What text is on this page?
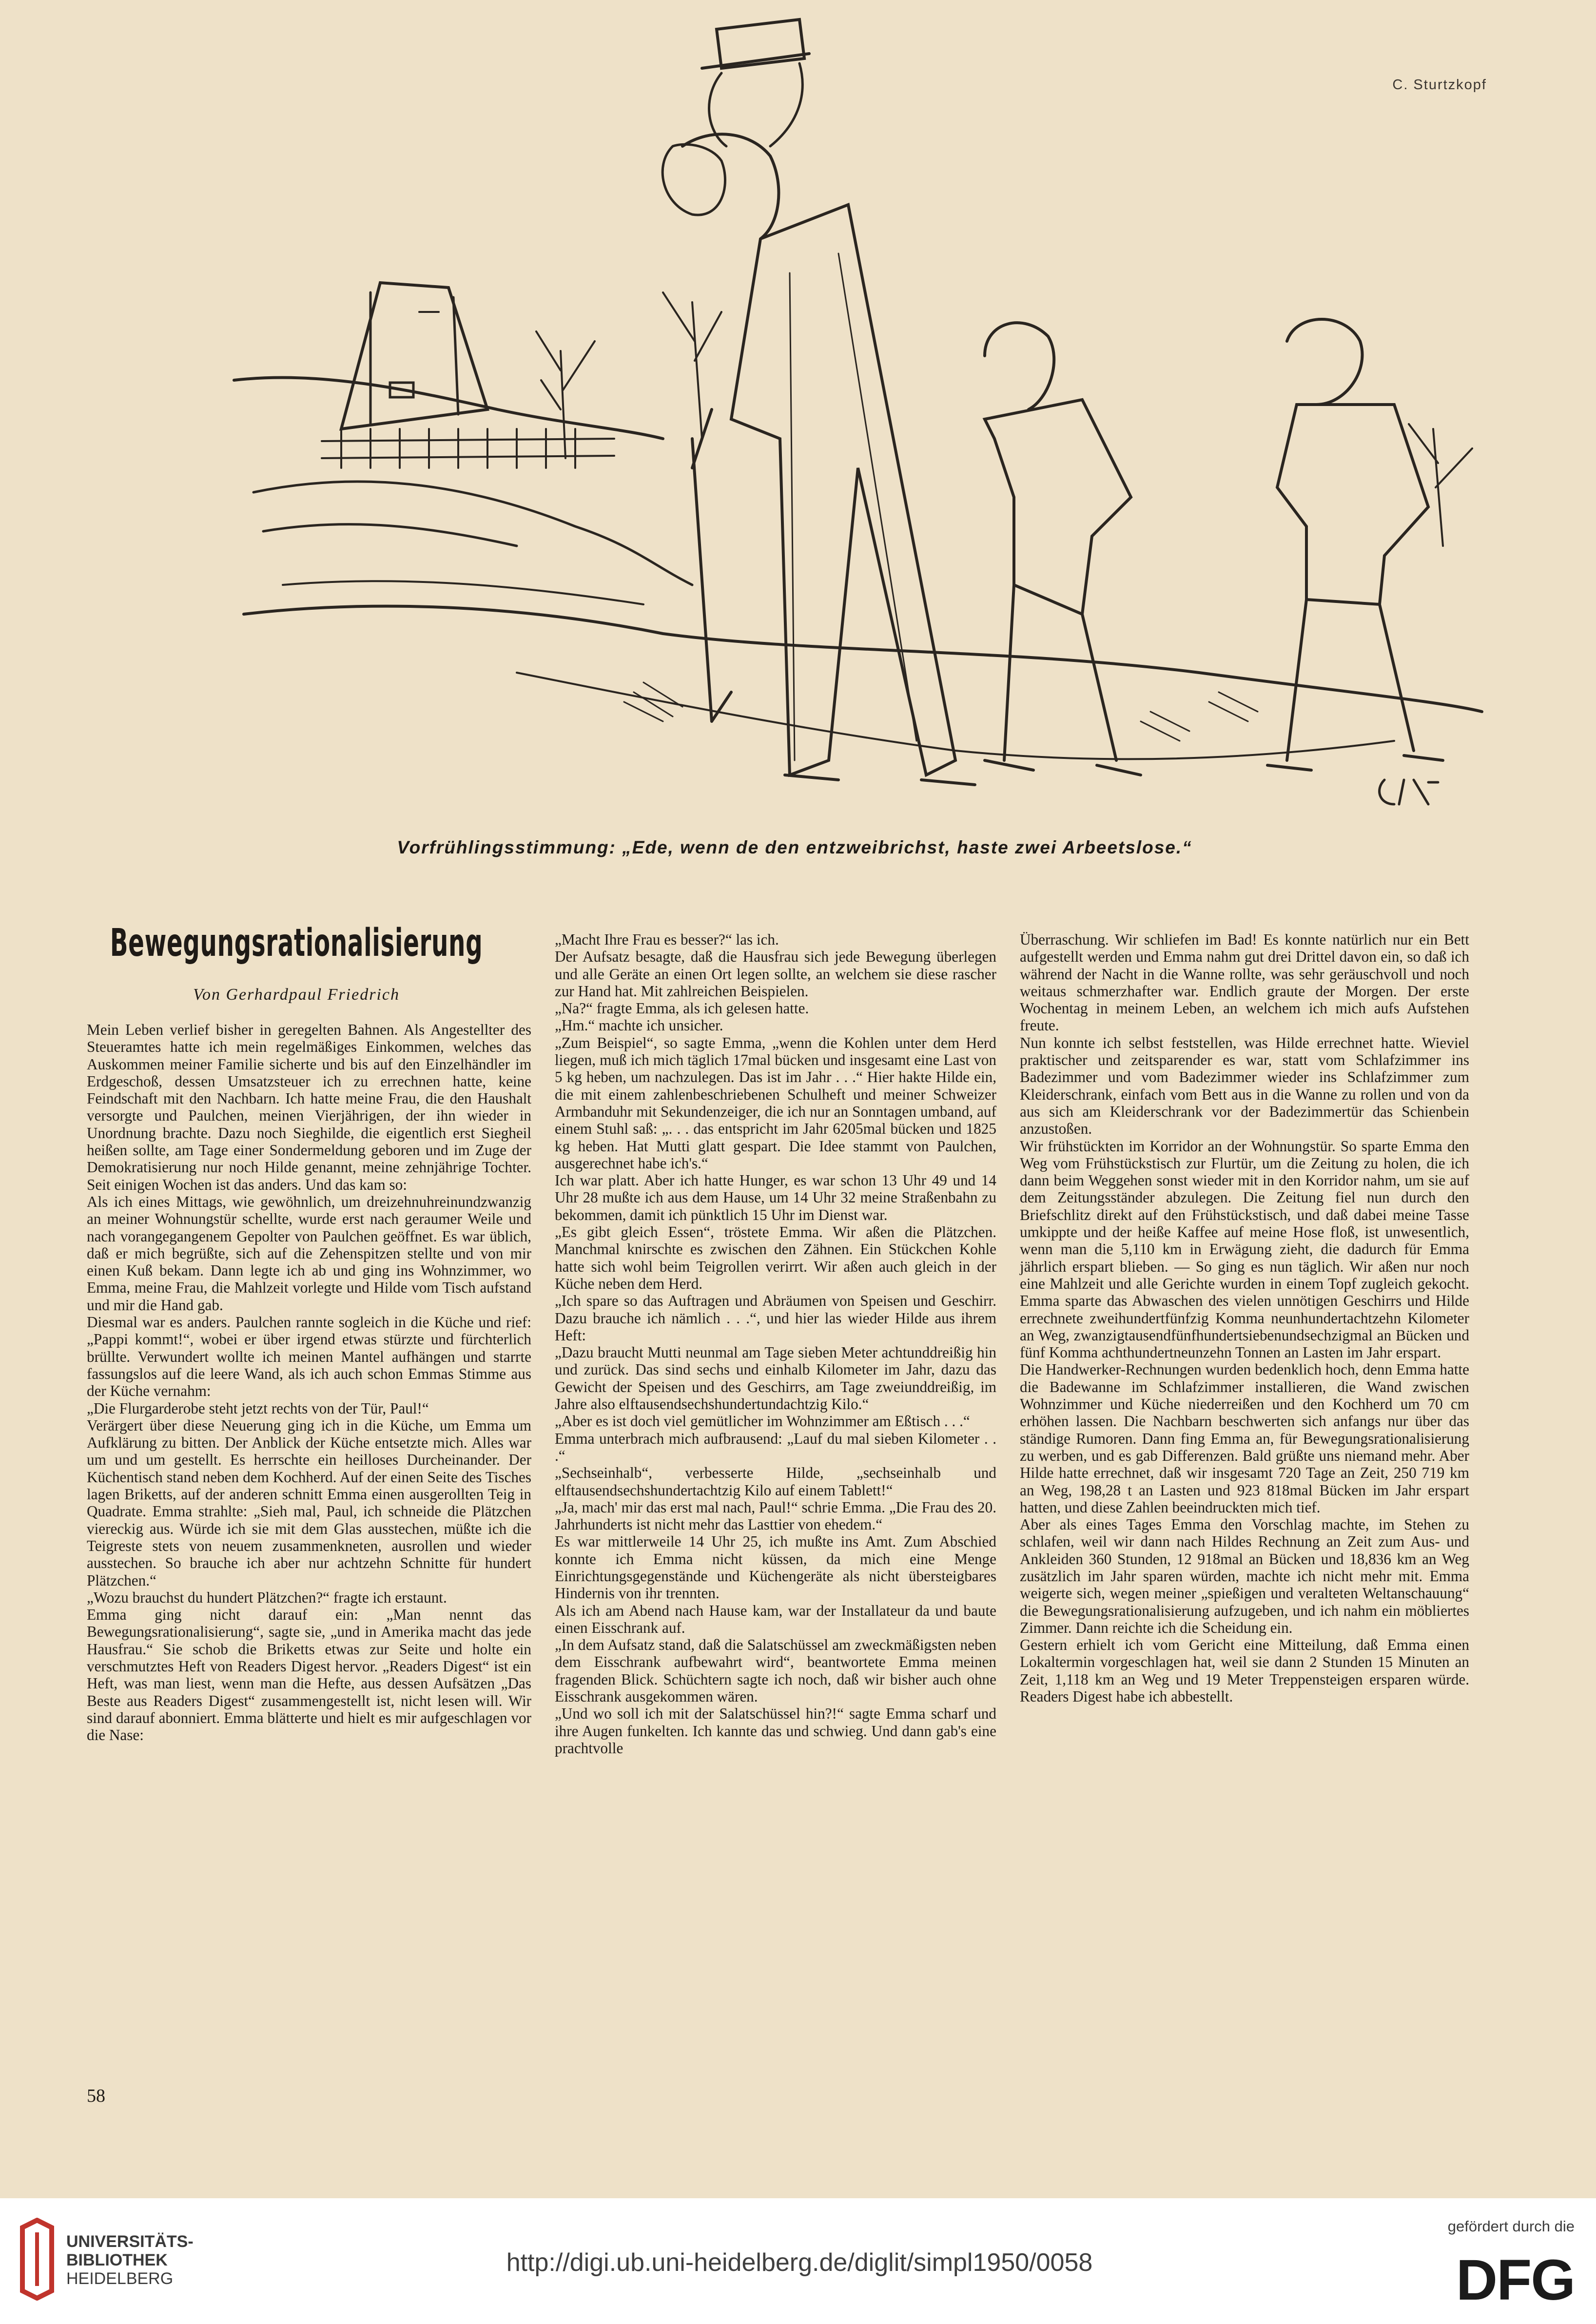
C. Sturtzkopf
Vorfrühlingsstimmung: „Ede, wenn de den entzweibrichst, haste zwei Arbeetslose.“
Bewegungsrationalisierung
Von Gerhardpaul Friedrich

Mein Leben verlief bisher in geregelten Bahnen. Als Angestellter des Steueramtes hatte ich mein regelmäßiges Einkommen, welches das Auskommen meiner Familie sicherte und bis auf den Einzelhändler im Erdgeschoß, dessen Umsatzsteuer ich zu errechnen hatte, keine Feindschaft mit den Nachbarn. Ich hatte meine Frau, die den Haushalt versorgte und Paulchen, meinen Vierjährigen, der ihn wieder in Unordnung brachte. Dazu noch Sieghilde, die eigentlich erst Siegheil heißen sollte, am Tage einer Sondermeldung geboren und im Zuge der Demokratisierung nur noch Hilde genannt, meine zehnjährige Tochter. Seit einigen Wochen ist das anders. Und das kam so:

Als ich eines Mittags, wie gewöhnlich, um dreizehnuhreinundzwanzig an meiner Wohnungstür schellte, wurde erst nach geraumer Weile und nach vorangegangenem Gepolter von Paulchen geöffnet. Es war üblich, daß er mich begrüßte, sich auf die Zehenspitzen stellte und von mir einen Kuß bekam. Dann legte ich ab und ging ins Wohnzimmer, wo Emma, meine Frau, die Mahlzeit vorlegte und Hilde vom Tisch aufstand und mir die Hand gab.

Diesmal war es anders. Paulchen rannte sogleich in die Küche und rief: „Pappi kommt!“, wobei er über irgend etwas stürzte und fürchterlich brüllte. Verwundert wollte ich meinen Mantel aufhängen und starrte fassungslos auf die leere Wand, als ich auch schon Emmas Stimme aus der Küche vernahm:

„Die Flurgarderobe steht jetzt rechts von der Tür, Paul!“

Verärgert über diese Neuerung ging ich in die Küche, um Emma um Aufklärung zu bitten. Der Anblick der Küche entsetzte mich. Alles war um und um gestellt. Es herrschte ein heilloses Durcheinander. Der Küchentisch stand neben dem Kochherd. Auf der einen Seite des Tisches lagen Briketts, auf der anderen schnitt Emma einen ausgerollten Teig in Quadrate. Emma strahlte: „Sieh mal, Paul, ich schneide die Plätzchen viereckig aus. Würde ich sie mit dem Glas ausstechen, müßte ich die Teigreste stets von neuem zusammenkneten, ausrollen und wieder ausstechen. So brauche ich aber nur achtzehn Schnitte für hundert Plätzchen.“

„Wozu brauchst du hundert Plätzchen?“ fragte ich erstaunt.

Emma ging nicht darauf ein: „Man nennt das Bewegungsrationalisierung“, sagte sie, „und in Amerika macht das jede Hausfrau.“ Sie schob die Briketts etwas zur Seite und holte ein verschmutztes Heft von Readers Digest hervor. „Readers Digest“ ist ein Heft, was man liest, wenn man die Hefte, aus dessen Aufsätzen „Das Beste aus Readers Digest“ zusammengestellt ist, nicht lesen will. Wir sind darauf abonniert. Emma blätterte und hielt es mir aufgeschlagen vor die Nase:

„Macht Ihre Frau es besser?“ las ich.

Der Aufsatz besagte, daß die Hausfrau sich jede Bewegung überlegen und alle Geräte an einen Ort legen sollte, an welchem sie diese rascher zur Hand hat. Mit zahlreichen Beispielen.

„Na?“ fragte Emma, als ich gelesen hatte.

„Hm.“ machte ich unsicher.

„Zum Beispiel“, so sagte Emma, „wenn die Kohlen unter dem Herd liegen, muß ich mich täglich 17mal bücken und insgesamt eine Last von 5 kg heben, um nachzulegen. Das ist im Jahr . . .“ Hier hakte Hilde ein, die mit einem zahlenbeschriebenen Schulheft und meiner Schweizer Armbanduhr mit Sekundenzeiger, die ich nur an Sonntagen umband, auf einem Stuhl saß: „. . . das entspricht im Jahr 6205mal bücken und 1825 kg heben. Hat Mutti glatt gespart. Die Idee stammt von Paulchen, ausgerechnet habe ich's.“

Ich war platt. Aber ich hatte Hunger, es war schon 13 Uhr 49 und 14 Uhr 28 mußte ich aus dem Hause, um 14 Uhr 32 meine Straßenbahn zu bekommen, damit ich pünktlich 15 Uhr im Dienst war.

„Es gibt gleich Essen“, tröstete Emma. Wir aßen die Plätzchen. Manchmal knirschte es zwischen den Zähnen. Ein Stückchen Kohle hatte sich wohl beim Teigrollen verirrt. Wir aßen auch gleich in der Küche neben dem Herd.

„Ich spare so das Auftragen und Abräumen von Speisen und Geschirr. Dazu brauche ich nämlich . . .“, und hier las wieder Hilde aus ihrem Heft:

„Dazu braucht Mutti neunmal am Tage sieben Meter achtunddreißig hin und zurück. Das sind sechs und einhalb Kilometer im Jahr, dazu das Gewicht der Speisen und des Geschirrs, am Tage zweiunddreißig, im Jahre also elftausendsechshundertundachtzig Kilo.“

„Aber es ist doch viel gemütlicher im Wohnzimmer am Eßtisch . . .“

Emma unterbrach mich aufbrausend: „Lauf du mal sieben Kilometer . . .“

„Sechseinhalb“, verbesserte Hilde, „sechseinhalb und elftausendsechshundertachtzig Kilo auf einem Tablett!“

„Ja, mach' mir das erst mal nach, Paul!“ schrie Emma. „Die Frau des 20. Jahrhunderts ist nicht mehr das Lasttier von ehedem.“

Es war mittlerweile 14 Uhr 25, ich mußte ins Amt. Zum Abschied konnte ich Emma nicht küssen, da mich eine Menge Einrichtungsgegenstände und Küchengeräte als nicht übersteigbares Hindernis von ihr trennten.

Als ich am Abend nach Hause kam, war der Installateur da und baute einen Eisschrank auf.

„In dem Aufsatz stand, daß die Salatschüssel am zweckmäßigsten neben dem Eisschrank aufbewahrt wird“, beantwortete Emma meinen fragenden Blick. Schüchtern sagte ich noch, daß wir bisher auch ohne Eisschrank ausgekommen wären.

„Und wo soll ich mit der Salatschüssel hin?!“ sagte Emma scharf und ihre Augen funkelten. Ich kannte das und schwieg. Und dann gab's eine prachtvolle

Überraschung. Wir schliefen im Bad! Es konnte natürlich nur ein Bett aufgestellt werden und Emma nahm gut drei Drittel davon ein, so daß ich während der Nacht in die Wanne rollte, was sehr geräuschvoll und noch weitaus schmerzhafter war. Endlich graute der Morgen. Der erste Wochentag in meinem Leben, an welchem ich mich aufs Aufstehen freute.

Nun konnte ich selbst feststellen, was Hilde errechnet hatte. Wieviel praktischer und zeitsparender es war, statt vom Schlafzimmer ins Badezimmer und vom Badezimmer wieder ins Schlafzimmer zum Kleiderschrank, einfach vom Bett aus in die Wanne zu rollen und von da aus sich am Kleiderschrank vor der Badezimmertür das Schienbein anzustoßen.

Wir frühstückten im Korridor an der Wohnungstür. So sparte Emma den Weg vom Frühstückstisch zur Flurtür, um die Zeitung zu holen, die ich dann beim Weggehen sonst wieder mit in den Korridor nahm, um sie auf dem Zeitungsständer abzulegen. Die Zeitung fiel nun durch den Briefschlitz direkt auf den Frühstückstisch, und daß dabei meine Tasse umkippte und der heiße Kaffee auf meine Hose floß, ist unwesentlich, wenn man die 5,110 km in Erwägung zieht, die dadurch für Emma jährlich erspart blieben. — So ging es nun täglich. Wir aßen nur noch eine Mahlzeit und alle Gerichte wurden in einem Topf zugleich gekocht. Emma sparte das Abwaschen des vielen unnötigen Geschirrs und Hilde errechnete zweihundertfünfzig Komma neunhundertachtzehn Kilometer an Weg, zwanzigtausendfünfhundertsiebenundsechzigmal an Bücken und fünf Komma achthundertneunzehn Tonnen an Lasten im Jahr erspart.

Die Handwerker-Rechnungen wurden bedenklich hoch, denn Emma hatte die Badewanne im Schlafzimmer installieren, die Wand zwischen Wohnzimmer und Küche niederreißen und den Kochherd um 70 cm erhöhen lassen. Die Nachbarn beschwerten sich anfangs nur über das ständige Rumoren. Dann fing Emma an, für Bewegungsrationalisierung zu werben, und es gab Differenzen. Bald grüßte uns niemand mehr. Aber Hilde hatte errechnet, daß wir insgesamt 720 Tage an Zeit, 250 719 km an Weg, 198,28 t an Lasten und 923 818mal Bücken im Jahr erspart hatten, und diese Zahlen beeindruckten mich tief.

Aber als eines Tages Emma den Vorschlag machte, im Stehen zu schlafen, weil wir dann nach Hildes Rechnung an Zeit zum Aus- und Ankleiden 360 Stunden, 12 918mal an Bücken und 18,836 km an Weg zusätzlich im Jahr sparen würden, machte ich nicht mehr mit. Emma weigerte sich, wegen meiner „spießigen und veralteten Weltanschauung“ die Bewegungsrationalisierung aufzugeben, und ich nahm ein möbliertes Zimmer. Dann reichte ich die Scheidung ein.

Gestern erhielt ich vom Gericht eine Mitteilung, daß Emma einen Lokaltermin vorgeschlagen hat, weil sie dann 2 Stunden 15 Minuten an Zeit, 1,118 km an Weg und 19 Meter Treppensteigen ersparen würde. Readers Digest habe ich abbestellt.

58
UNIVERSITÄTS-
BIBLIOTHEK
HEIDELBERG
http://digi.ub.uni-heidelberg.de/diglit/simpl1950/0058
gefördert durch die
DFG
